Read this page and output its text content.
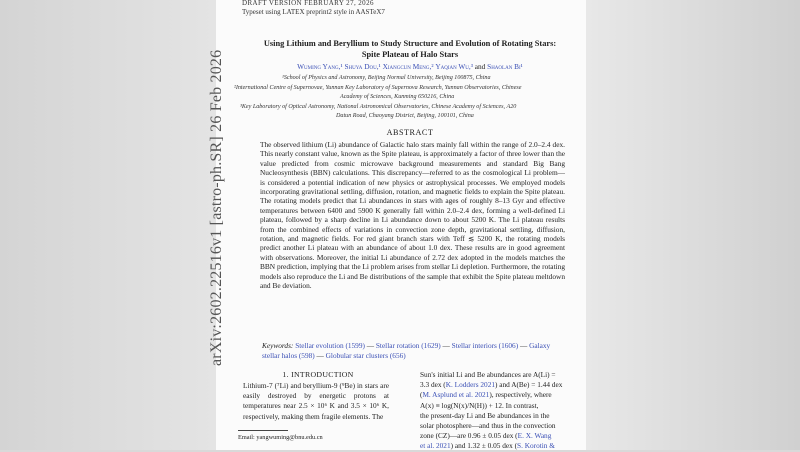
arXiv:2602.22516v1 [astro-ph.SR] 26 Feb 2026
DRAFT VERSION FEBRUARY 27, 2026
Typeset using LATEX preprint2 style in AASTeX7
Using Lithium and Beryllium to Study Structure and Evolution of Rotating Stars:
Spite Plateau of Halo Stars
Wuming Yang,¹ Shuya Dou,¹ Xiangcun Meng,² Yaqian Wu,³ and Shaolan Bi¹
¹School of Physics and Astronomy, Beijing Normal University, Beijing 100875, China
²International Centre of Supernovae, Yunnan Key Laboratory of Supernova Research, Yunnan Observatories, Chinese
Academy of Sciences, Kunming 650216, China
³Key Laboratory of Optical Astronomy, National Astronomical Observatories, Chinese Academy of Sciences, A20
Datun Road, Chaoyang District, Beijing, 100101, China
ABSTRACT
The observed lithium (Li) abundance of Galactic halo stars mainly fall within the range of 2.0–2.4 dex. This nearly constant value, known as the Spite plateau, is approximately a factor of three lower than the value predicted from cosmic microwave background measurements and standard Big Bang Nucleosynthesis (BBN) calculations. This discrepancy—referred to as the cosmological Li problem—is considered a potential indication of new physics or astrophysical processes. We employed models incorporating gravitational settling, diffusion, rotation, and magnetic fields to explain the Spite plateau. The rotating models predict that Li abundances in stars with ages of roughly 8–13 Gyr and effective temperatures between 6400 and 5900 K generally fall within 2.0–2.4 dex, forming a well-defined Li plateau, followed by a sharp decline in Li abundance down to about 5200 K. The Li plateau results from the combined effects of variations in convection zone depth, gravitational settling, diffusion, rotation, and magnetic fields. For red giant branch stars with Teff ≲ 5200 K, the rotating models predict another Li plateau with an abundance of about 1.0 dex. These results are in good agreement with observations. Moreover, the initial Li abundance of 2.72 dex adopted in the models matches the BBN prediction, implying that the Li problem arises from stellar Li depletion. Furthermore, the rotating models also reproduce the Li and Be distributions of the sample that exhibit the Spite plateau meltdown and Be deviation.
Keywords: Stellar evolution (1599) — Stellar rotation (1629) — Stellar interiors (1606) — Galaxy stellar halos (598) — Globular star clusters (656)
1. INTRODUCTION
Lithium-7 (⁷Li) and beryllium-9 (⁹Be) in stars are easily destroyed by energetic protons at temperatures near 2.5 × 10⁶ K and 3.5 × 10⁶ K, respectively, making them fragile elements. The
Sun's initial Li and Be abundances are A(Li) =
3.3 dex (K. Lodders 2021) and A(Be) = 1.44 dex
(M. Asplund et al. 2021), respectively, where
A(x) ≡ log(N(x)/N(H)) + 12. In contrast,
the present-day Li and Be abundances in the
solar photosphere—and thus in the convection
zone (CZ)—are 0.96 ± 0.05 dex (E. X. Wang
et al. 2021) and 1.32 ± 0.05 dex (S. Korotin &
Email: yangwuming@bnu.edu.cn
